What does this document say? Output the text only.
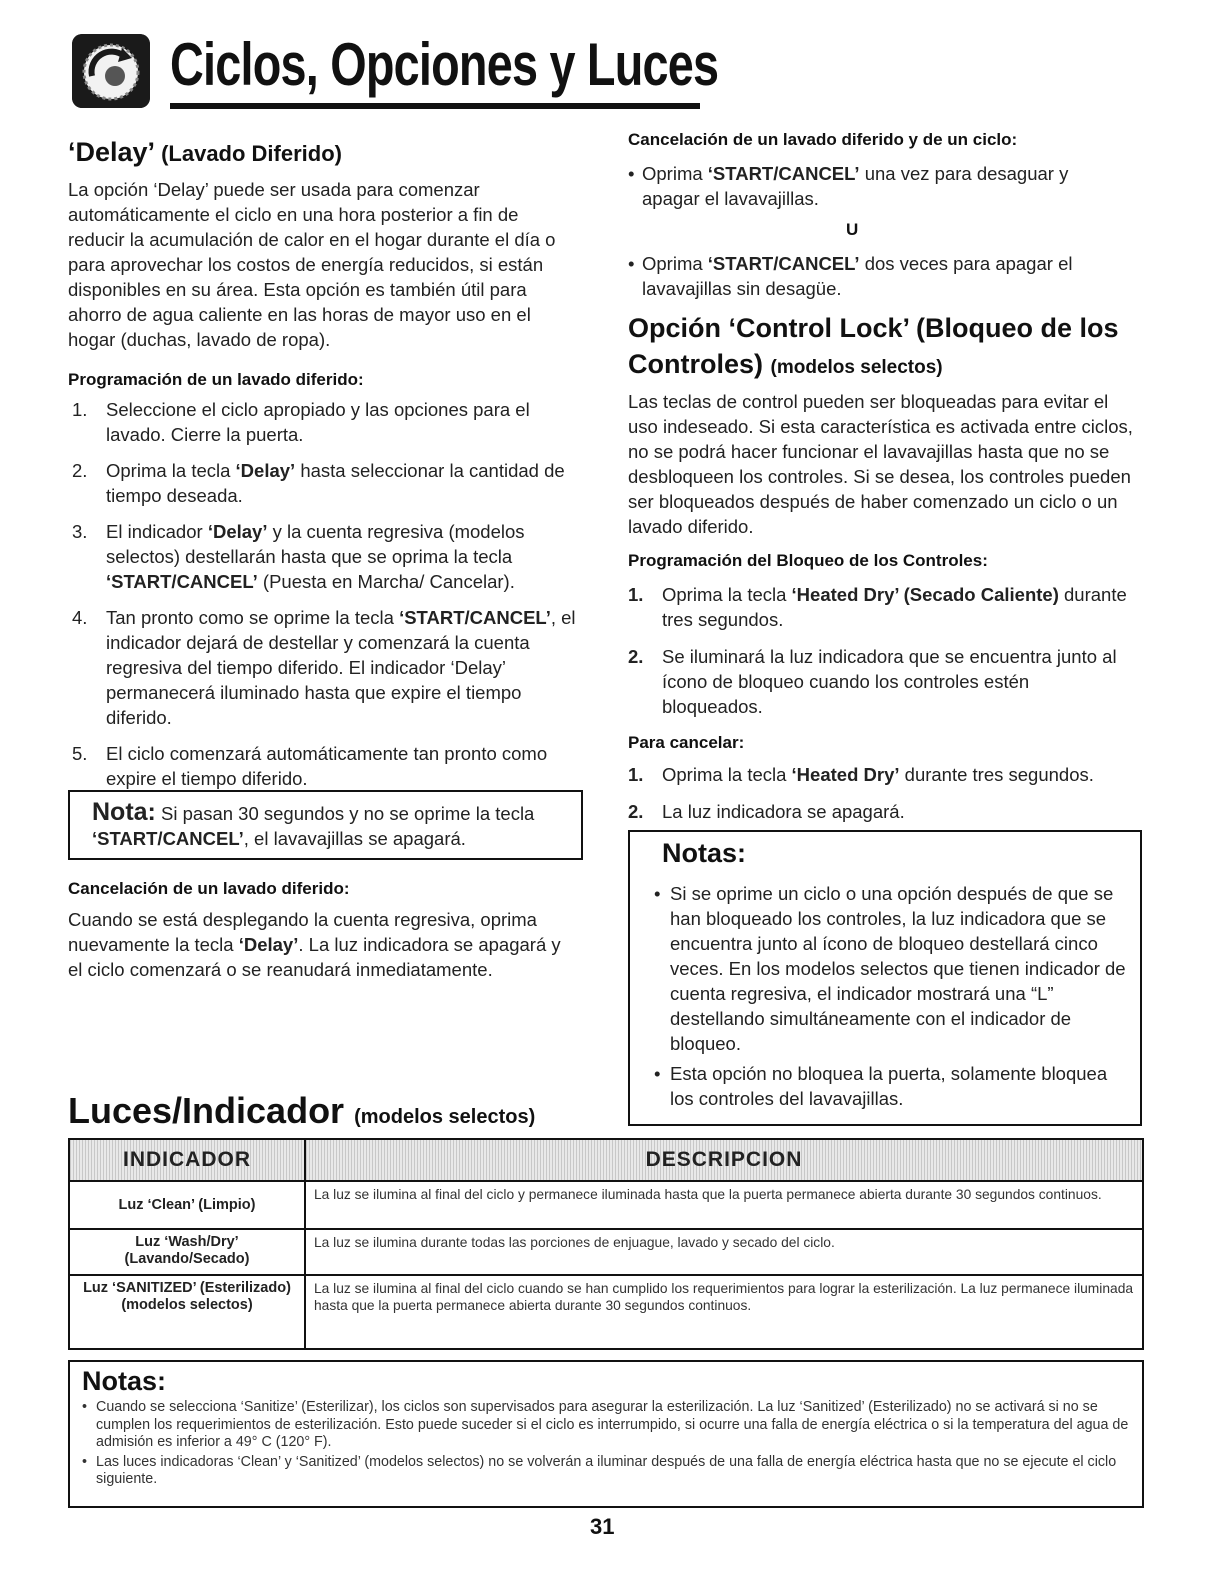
Ciclos, Opciones y Luces
‘Delay’ (Lavado Diferido)
La opción ‘Delay’ puede ser usada para comenzar automáticamente el ciclo en una hora posterior a fin de reducir la acumulación de calor en el hogar durante el día o para aprovechar los costos de energía reducidos, si están disponibles en su área. Esta opción es también útil para ahorro de agua caliente en las horas de mayor uso en el hogar (duchas, lavado de ropa).
Programación de un lavado diferido:
1. Seleccione el ciclo apropiado y las opciones para el lavado. Cierre la puerta.
2. Oprima la tecla ‘Delay’ hasta seleccionar la cantidad de tiempo deseada.
3. El indicador ‘Delay’ y la cuenta regresiva (modelos selectos) destellarán hasta que se oprima la tecla ‘START/CANCEL’ (Puesta en Marcha/ Cancelar).
4. Tan pronto como se oprime la tecla ‘START/CANCEL’, el indicador dejará de destellar y comenzará la cuenta regresiva del tiempo diferido. El indicador ‘Delay’ permanecerá iluminado hasta que expire el tiempo diferido.
5. El ciclo comenzará automáticamente tan pronto como expire el tiempo diferido.
Nota: Si pasan 30 segundos y no se oprime la tecla ‘START/CANCEL’, el lavavajillas se apagará.
Cancelación de un lavado diferido:
Cuando se está desplegando la cuenta regresiva, oprima nuevamente la tecla ‘Delay’. La luz indicadora se apagará y el ciclo comenzará o se reanudará inmediatamente.
Luces/Indicador (modelos selectos)
Cancelación de un lavado diferido y de un ciclo:
• Oprima ‘START/CANCEL’ una vez para desaguar y apagar el lavavajillas.
U
• Oprima ‘START/CANCEL’ dos veces para apagar el lavavajillas sin desagüe.
Opción ‘Control Lock’ (Bloqueo de los
Controles) (modelos selectos)
Las teclas de control pueden ser bloqueadas para evitar el uso indeseado. Si esta característica es activada entre ciclos, no se podrá hacer funcionar el lavavajillas hasta que no se desbloqueen los controles. Si se desea, los controles pueden ser bloqueados después de haber comenzado un ciclo o un lavado diferido.
Programación del Bloqueo de los Controles:
1. Oprima la tecla ‘Heated Dry’ (Secado Caliente) durante tres segundos.
2. Se iluminará la luz indicadora que se encuentra junto al ícono de bloqueo cuando los controles estén bloqueados.
Para cancelar:
1. Oprima la tecla ‘Heated Dry’ durante tres segundos.
2. La luz indicadora se apagará.
Notas:
• Si se oprime un ciclo o una opción después de que se han bloqueado los controles, la luz indicadora que se encuentra junto al ícono de bloqueo destellará cinco veces. En los modelos selectos que tienen indicador de cuenta regresiva, el indicador mostrará una “L” destellando simultáneamente con el indicador de bloqueo.
• Esta opción no bloquea la puerta, solamente bloquea los controles del lavavajillas.
INDICADOR	DESCRIPCION
Luz ‘Clean’ (Limpio)	La luz se ilumina al final del ciclo y permanece iluminada hasta que la puerta permanece abierta durante 30 segundos continuos.
Luz ‘Wash/Dry’ (Lavando/Secado)	La luz se ilumina durante todas las porciones de enjuague, lavado y secado del ciclo.
Luz ‘SANITIZED’ (Esterilizado) (modelos selectos)	La luz se ilumina al final del ciclo cuando se han cumplido los requerimientos para lograr la esterilización. La luz permanece iluminada hasta que la puerta permanece abierta durante 30 segundos continuos.
Notas:
• Cuando se selecciona ‘Sanitize’ (Esterilizar), los ciclos son supervisados para asegurar la esterilización. La luz ‘Sanitized’ (Esterilizado) no se activará si no se cumplen los requerimientos de esterilización. Esto puede suceder si el ciclo es interrumpido, si ocurre una falla de energía eléctrica o si la temperatura del agua de admisión es inferior a 49° C (120° F).
• Las luces indicadoras ‘Clean’ y ‘Sanitized’ (modelos selectos) no se volverán a iluminar después de una falla de energía eléctrica hasta que no se ejecute el ciclo siguiente.
31
